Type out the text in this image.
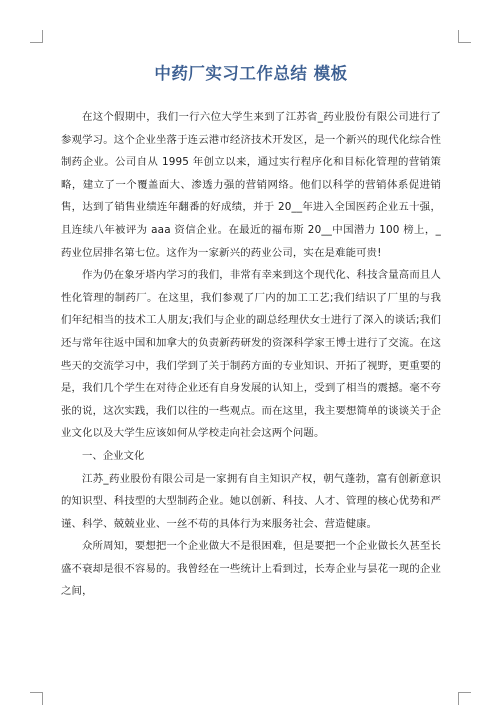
中药厂实习工作总结 模板

在这个假期中，我们一行六位大学生来到了江苏省_药业股份有限公司进行了参观学习。这个企业坐落于连云港市经济技术开发区，是一个新兴的现代化综合性制药企业。公司自从 1995 年创立以来，通过实行程序化和目标化管理的营销策略，建立了一个覆盖面大、渗透力强的营销网络。他们以科学的营销体系促进销售，达到了销售业绩连年翻番的好成绩，并于 20__年进入全国医药企业五十强，且连续八年被评为 aaa 资信企业。在最近的福布斯 20__中国潜力 100 榜上，_药业位居排名第七位。这作为一家新兴的药业公司，实在是难能可贵!

作为仍在象牙塔内学习的我们，非常有幸来到这个现代化、科技含量高而且人性化管理的制药厂。在这里，我们参观了厂内的加工工艺;我们结识了厂里的与我们年纪相当的技术工人朋友;我们与企业的副总经理伏女士进行了深入的谈话;我们还与常年往返中国和加拿大的负责新药研发的资深科学家王博士进行了交流。在这些天的交流学习中，我们学到了关于制药方面的专业知识、开拓了视野，更重要的是，我们几个学生在对待企业还有自身发展的认知上，受到了相当的震撼。毫不夸张的说，这次实践，我们以往的一些观点。而在这里，我主要想简单的谈谈关于企业文化以及大学生应该如何从学校走向社会这两个问题。

一、企业文化

江苏_药业股份有限公司是一家拥有自主知识产权，朝气蓬勃，富有创新意识的知识型、科技型的大型制药企业。她以创新、科技、人才、管理的核心优势和严谨、科学、兢兢业业、一丝不苟的具体行为来服务社会、营造健康。

众所周知，要想把一个企业做大不是很困难，但是要把一个企业做长久甚至长盛不衰却是很不容易的。我曾经在一些统计上看到过，长寿企业与昙花一现的企业之间，
